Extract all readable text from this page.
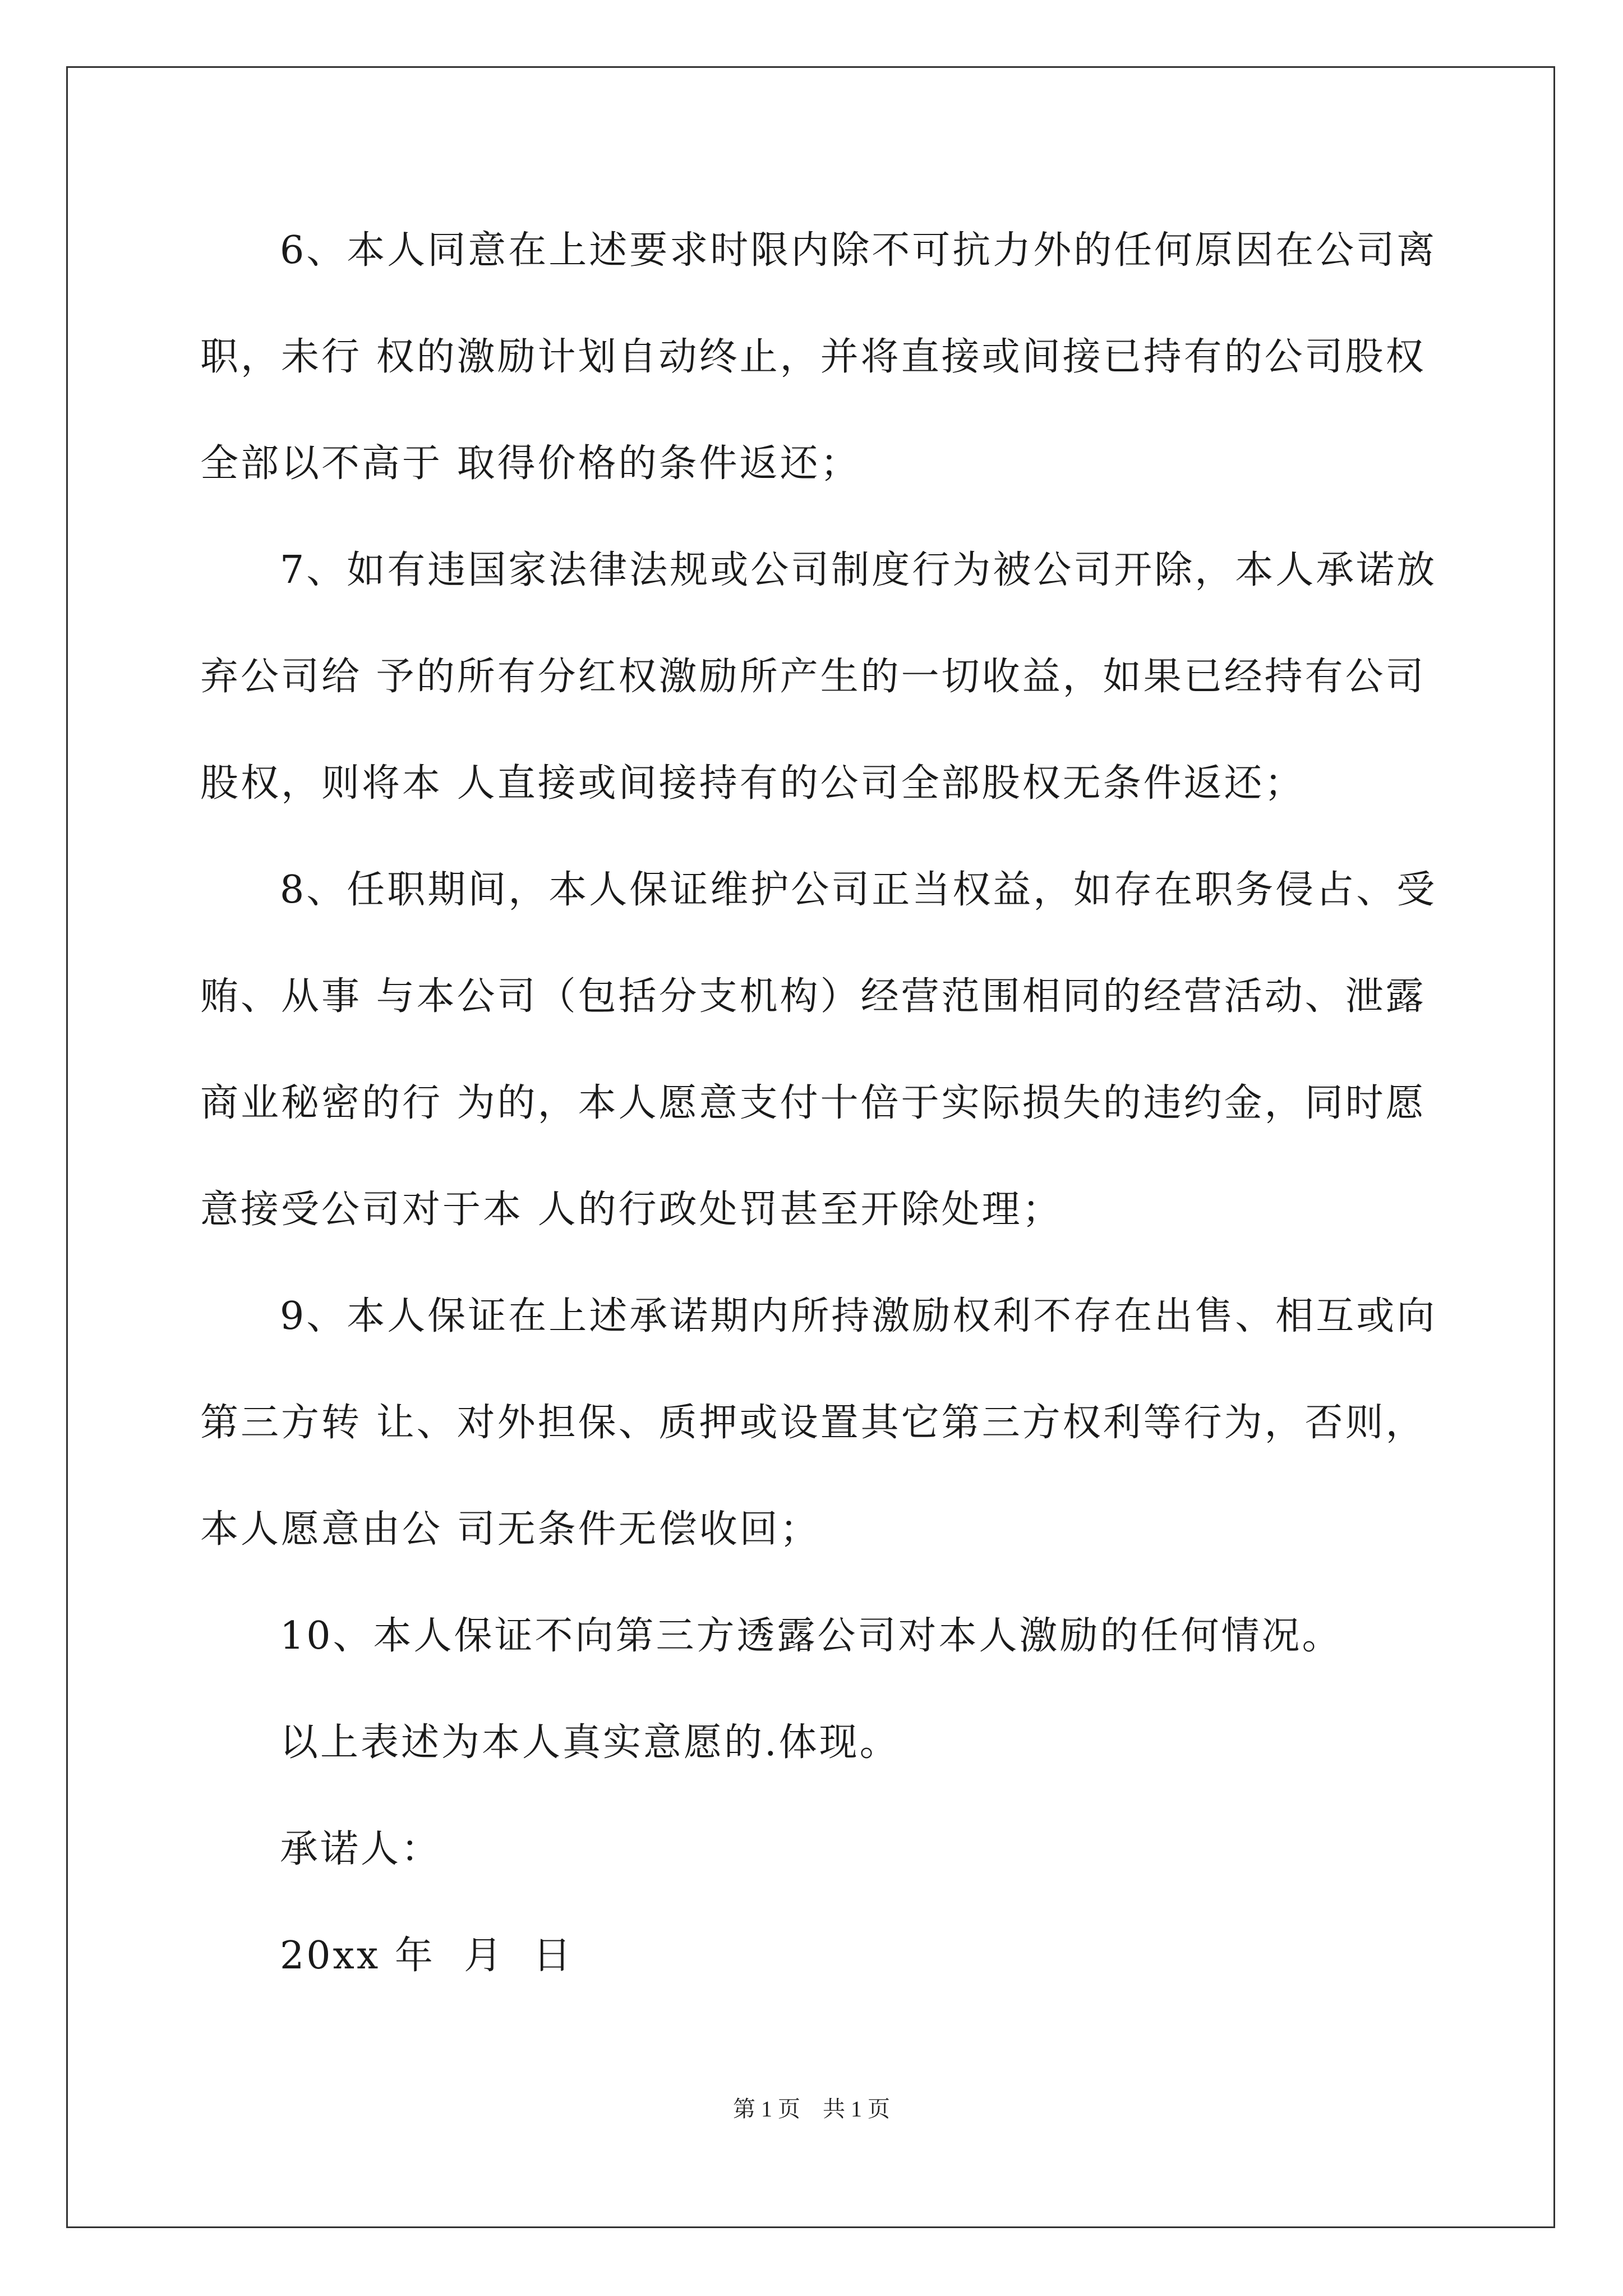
6、本人同意在上述要求时限内除不可抗力外的任何原因在公司离
职，未行 权的激励计划自动终止，并将直接或间接已持有的公司股权
全部以不高于 取得价格的条件返还；
7、如有违国家法律法规或公司制度行为被公司开除，本人承诺放
弃公司给 予的所有分红权激励所产生的一切收益，如果已经持有公司
股权，则将本 人直接或间接持有的公司全部股权无条件返还；
8、任职期间，本人保证维护公司正当权益，如存在职务侵占、受
贿、从事 与本公司（包括分支机构）经营范围相同的经营活动、泄露
商业秘密的行 为的，本人愿意支付十倍于实际损失的违约金，同时愿
意接受公司对于本 人的行政处罚甚至开除处理；
9、本人保证在上述承诺期内所持激励权利不存在出售、相互或向
第三方转 让、对外担保、质押或设置其它第三方权利等行为，否则，
本人愿意由公 司无条件无偿收回；
10、本人保证不向第三方透露公司对本人激励的任何情况。
以上表述为本人真实意愿的.体现。
承诺人：
20xx 年  月  日
第 1 页    共 1 页
